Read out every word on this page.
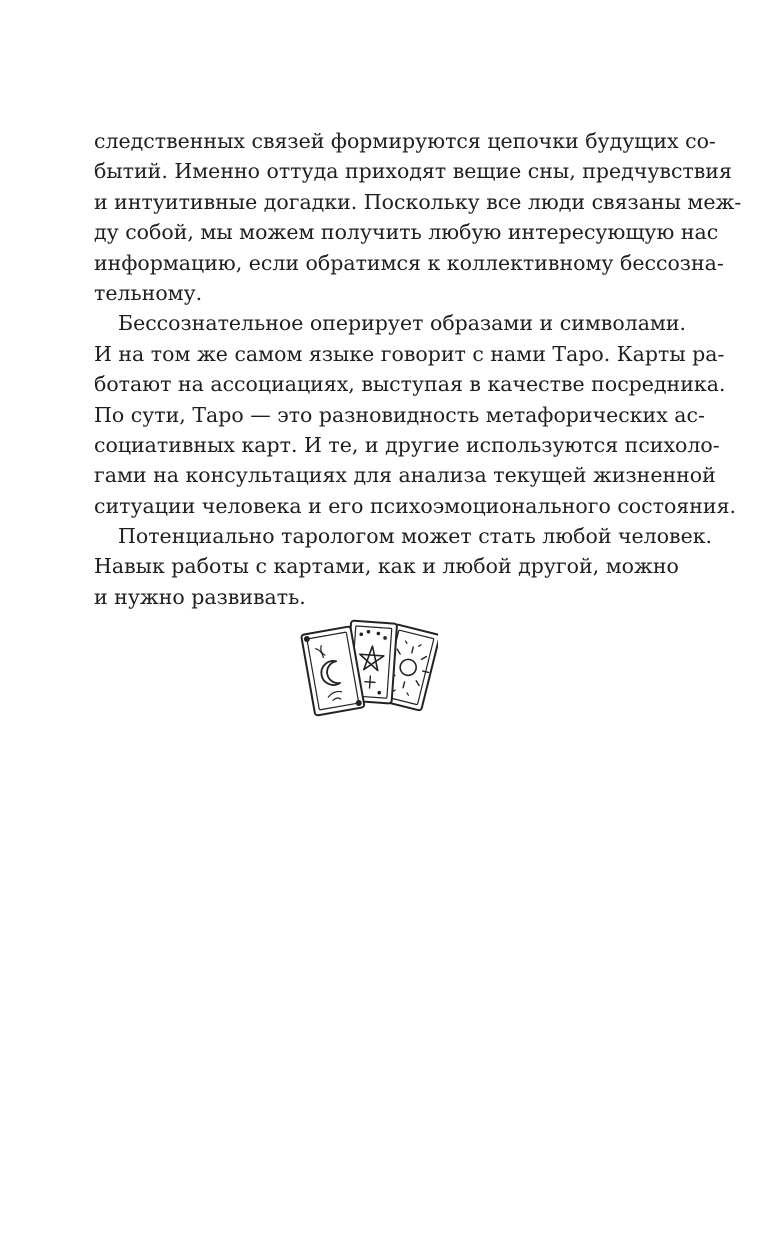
следственных связей формируются цепочки будущих со-
бытий. Именно оттуда приходят вещие сны, предчувствия
и интуитивные догадки. Поскольку все люди связаны меж-
ду собой, мы можем получить любую интересующую нас
информацию, если обратимся к коллективному бессозна-
тельному.
Бессознательное оперирует образами и символами.
И на том же самом языке говорит с нами Таро. Карты ра-
ботают на ассоциациях, выступая в качестве посредника.
По сути, Таро — это разновидность метафорических ас-
социативных карт. И те, и другие используются психоло-
гами на консультациях для анализа текущей жизненной
ситуации человека и его психоэмоционального состояния.
Потенциально тарологом может стать любой человек.
Навык работы с картами, как и любой другой, можно
и нужно развивать.
